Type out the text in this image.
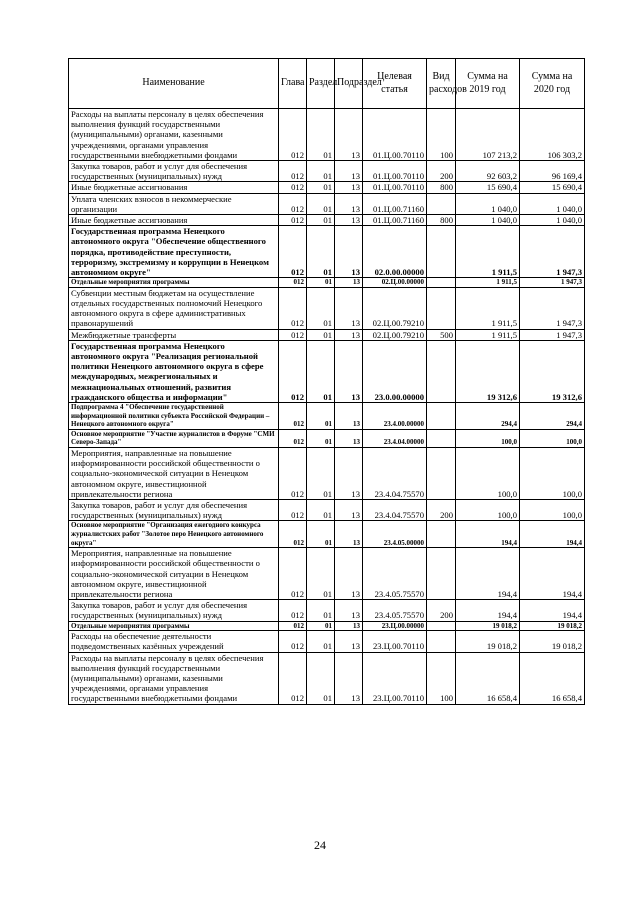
Наименование	Глава	Раздел	Подраздел	Целевая статья	Вид расходов	Сумма на 2019 год	Сумма на 2020 год
Расходы на выплаты персоналу в целях обеспечения выполнения функций государственными (муниципальными) органами, казенными учреждениями, органами управления государственными внебюджетными фондами	012	01	13	01.Ц.00.70110	100	107 213,2	106 303,2
Закупка товаров, работ и услуг для обеспечения государственных (муниципальных) нужд	012	01	13	01.Ц.00.70110	200	92 603,2	96 169,4
Иные бюджетные ассигнования	012	01	13	01.Ц.00.70110	800	15 690,4	15 690,4
Уплата членских взносов в некоммерческие организации	012	01	13	01.Ц.00.71160		1 040,0	1 040,0
Иные бюджетные ассигнования	012	01	13	01.Ц.00.71160	800	1 040,0	1 040,0
Государственная программа Ненецкого автономного округа "Обеспечение общественного порядка, противодействие преступности, терроризму, экстремизму и коррупции в Ненецком автономном округе"	012	01	13	02.0.00.00000		1 911,5	1 947,3
Отдельные мероприятия программы	012	01	13	02.Ц.00.00000		1 911,5	1 947,3
Субвенции местным бюджетам на осуществление отдельных государственных полномочий Ненецкого автономного округа в сфере административных правонарушений	012	01	13	02.Ц.00.79210		1 911,5	1 947,3
Межбюджетные трансферты	012	01	13	02.Ц.00.79210	500	1 911,5	1 947,3
Государственная программа Ненецкого автономного округа "Реализация региональной политики Ненецкого автономного округа в сфере международных, межрегиональных и межнациональных отношений, развития гражданского общества и информации"	012	01	13	23.0.00.00000		19 312,6	19 312,6
Подпрограмма 4 "Обеспечение государственной информационной политики субъекта Российской Федерации – Ненецкого автономного округа"	012	01	13	23.4.00.00000		294,4	294,4
Основное мероприятие "Участие журналистов в Форуме "СМИ Северо-Запада"	012	01	13	23.4.04.00000		100,0	100,0
Мероприятия, направленные на повышение информированности российской общественности о социально-экономической ситуации в Ненецком автономном округе, инвестиционной привлекательности региона	012	01	13	23.4.04.75570		100,0	100,0
Закупка товаров, работ и услуг для обеспечения государственных (муниципальных) нужд	012	01	13	23.4.04.75570	200	100,0	100,0
Основное мероприятие "Организация ежегодного конкурса журналистских работ "Золотое перо Ненецкого автономного округа"	012	01	13	23.4.05.00000		194,4	194,4
Мероприятия, направленные на повышение информированности российской общественности о социально-экономической ситуации в Ненецком автономном округе, инвестиционной привлекательности региона	012	01	13	23.4.05.75570		194,4	194,4
Закупка товаров, работ и услуг для обеспечения государственных (муниципальных) нужд	012	01	13	23.4.05.75570	200	194,4	194,4
Отдельные мероприятия программы	012	01	13	23.Ц.00.00000		19 018,2	19 018,2
Расходы на обеспечение деятельности подведомственных казённых учреждений	012	01	13	23.Ц.00.70110		19 018,2	19 018,2
Расходы на выплаты персоналу в целях обеспечения выполнения функций государственными (муниципальными) органами, казенными учреждениями, органами управления государственными внебюджетными фондами	012	01	13	23.Ц.00.70110	100	16 658,4	16 658,4
24
